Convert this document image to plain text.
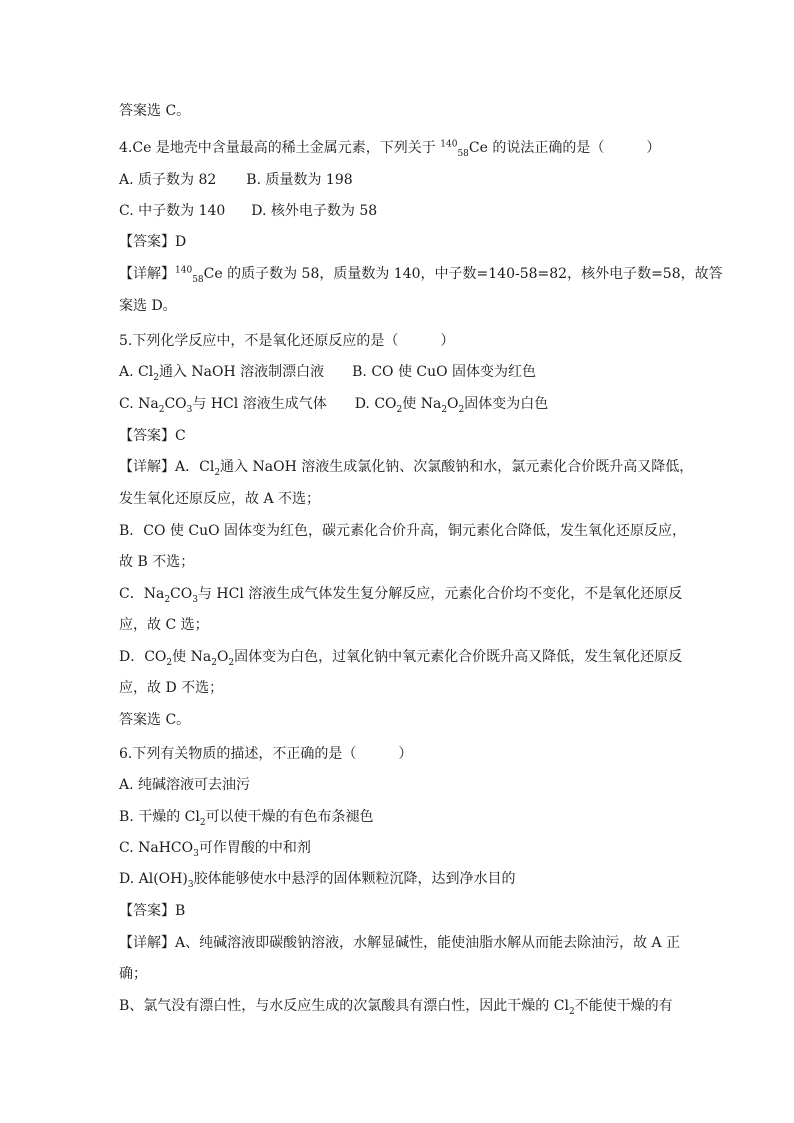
答案选 C。
4.Ce 是地壳中含量最高的稀土金属元素，下列关于 $^{140}_{58}$Ce 的说法正确的是（　　　）
A. 质子数为 82 B. 质量数为 198
C. 中子数为 140 D. 核外电子数为 58
【答案】D
【详解】$^{140}_{58}$Ce 的质子数为 58，质量数为 140，中子数=140-58=82，核外电子数=58，故答
案选 D。
5.下列化学反应中，不是氧化还原反应的是（　　　）
A. $Cl_2$通入 NaOH 溶液制漂白液 B. CO 使 CuO 固体变为红色
C. $Na_2CO_3$与 HCl 溶液生成气体 D. $CO_2$使 $Na_2O_2$固体变为白色
【答案】C
【详解】A．$Cl_2$通入 NaOH 溶液生成氯化钠、次氯酸钠和水，氯元素化合价既升高又降低，
发生氧化还原反应，故 A 不选；
B．CO 使 CuO 固体变为红色，碳元素化合价升高，铜元素化合降低，发生氧化还原反应，
故 B 不选；
C．$Na_2CO_3$与 HCl 溶液生成气体发生复分解反应，元素化合价均不变化，不是氧化还原反
应，故 C 选；
D．$CO_2$使 $Na_2O_2$固体变为白色，过氧化钠中氧元素化合价既升高又降低，发生氧化还原反
应，故 D 不选；
答案选 C。
6.下列有关物质的描述，不正确的是（　　　）
A. 纯碱溶液可去油污
B. 干燥的 $Cl_2$可以使干燥的有色布条褪色
C. NaHCO$_3$可作胃酸的中和剂
D. $Al(OH)_3$胶体能够使水中悬浮的固体颗粒沉降，达到净水目的
【答案】B
【详解】A、纯碱溶液即碳酸钠溶液，水解显碱性，能使油脂水解从而能去除油污，故 A 正
确；
B、氯气没有漂白性，与水反应生成的次氯酸具有漂白性，因此干燥的 $Cl_2$不能使干燥的有
